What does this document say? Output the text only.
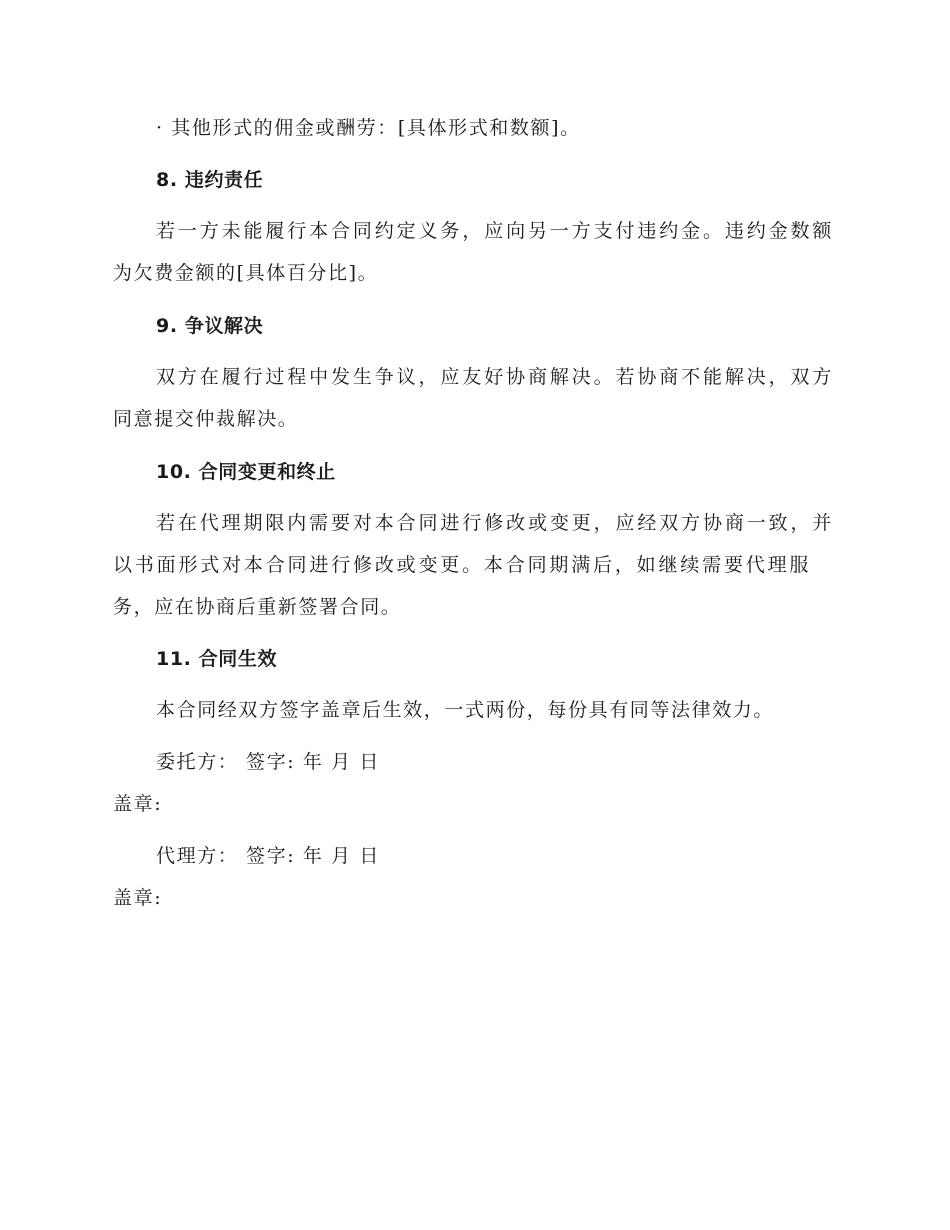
· 其他形式的佣金或酬劳：[具体形式和数额]。
8. 违约责任
若一方未能履行本合同约定义务，应向另一方支付违约金。违约金数额
为欠费金额的[具体百分比]。
9. 争议解决
双方在履行过程中发生争议，应友好协商解决。若协商不能解决，双方
同意提交仲裁解决。
10. 合同变更和终止
若在代理期限内需要对本合同进行修改或变更，应经双方协商一致，并
以书面形式对本合同进行修改或变更。本合同期满后，如继续需要代理服
务，应在协商后重新签署合同。
11. 合同生效
本合同经双方签字盖章后生效，一式两份，每份具有同等法律效力。
委托方： 签字: 年 月 日
盖章:
代理方： 签字: 年 月 日
盖章:
